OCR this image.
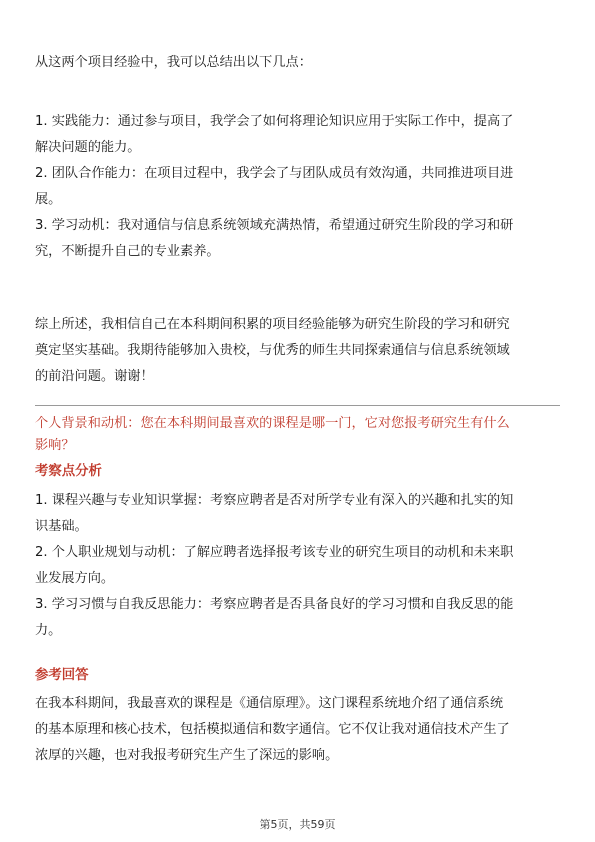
从这两个项目经验中，我可以总结出以下几点：

1. 实践能力：通过参与项目，我学会了如何将理论知识应用于实际工作中，提高了

解决问题的能力。

2. 团队合作能力：在项目过程中，我学会了与团队成员有效沟通，共同推进项目进

展。

3. 学习动机：我对通信与信息系统领域充满热情，希望通过研究生阶段的学习和研

究，不断提升自己的专业素养。

综上所述，我相信自己在本科期间积累的项目经验能够为研究生阶段的学习和研究

奠定坚实基础。我期待能够加入贵校，与优秀的师生共同探索通信与信息系统领域

的前沿问题。谢谢！

个人背景和动机：您在本科期间最喜欢的课程是哪一门，它对您报考研究生有什么

影响？

考察点分析

1. 课程兴趣与专业知识掌握：考察应聘者是否对所学专业有深入的兴趣和扎实的知

识基础。

2. 个人职业规划与动机：了解应聘者选择报考该专业的研究生项目的动机和未来职

业发展方向。

3. 学习习惯与自我反思能力：考察应聘者是否具备良好的学习习惯和自我反思的能

力。

参考回答

在我本科期间，我最喜欢的课程是《通信原理》。这门课程系统地介绍了通信系统

的基本原理和核心技术，包括模拟通信和数字通信。它不仅让我对通信技术产生了

浓厚的兴趣，也对我报考研究生产生了深远的影响。

第5页，共59页
